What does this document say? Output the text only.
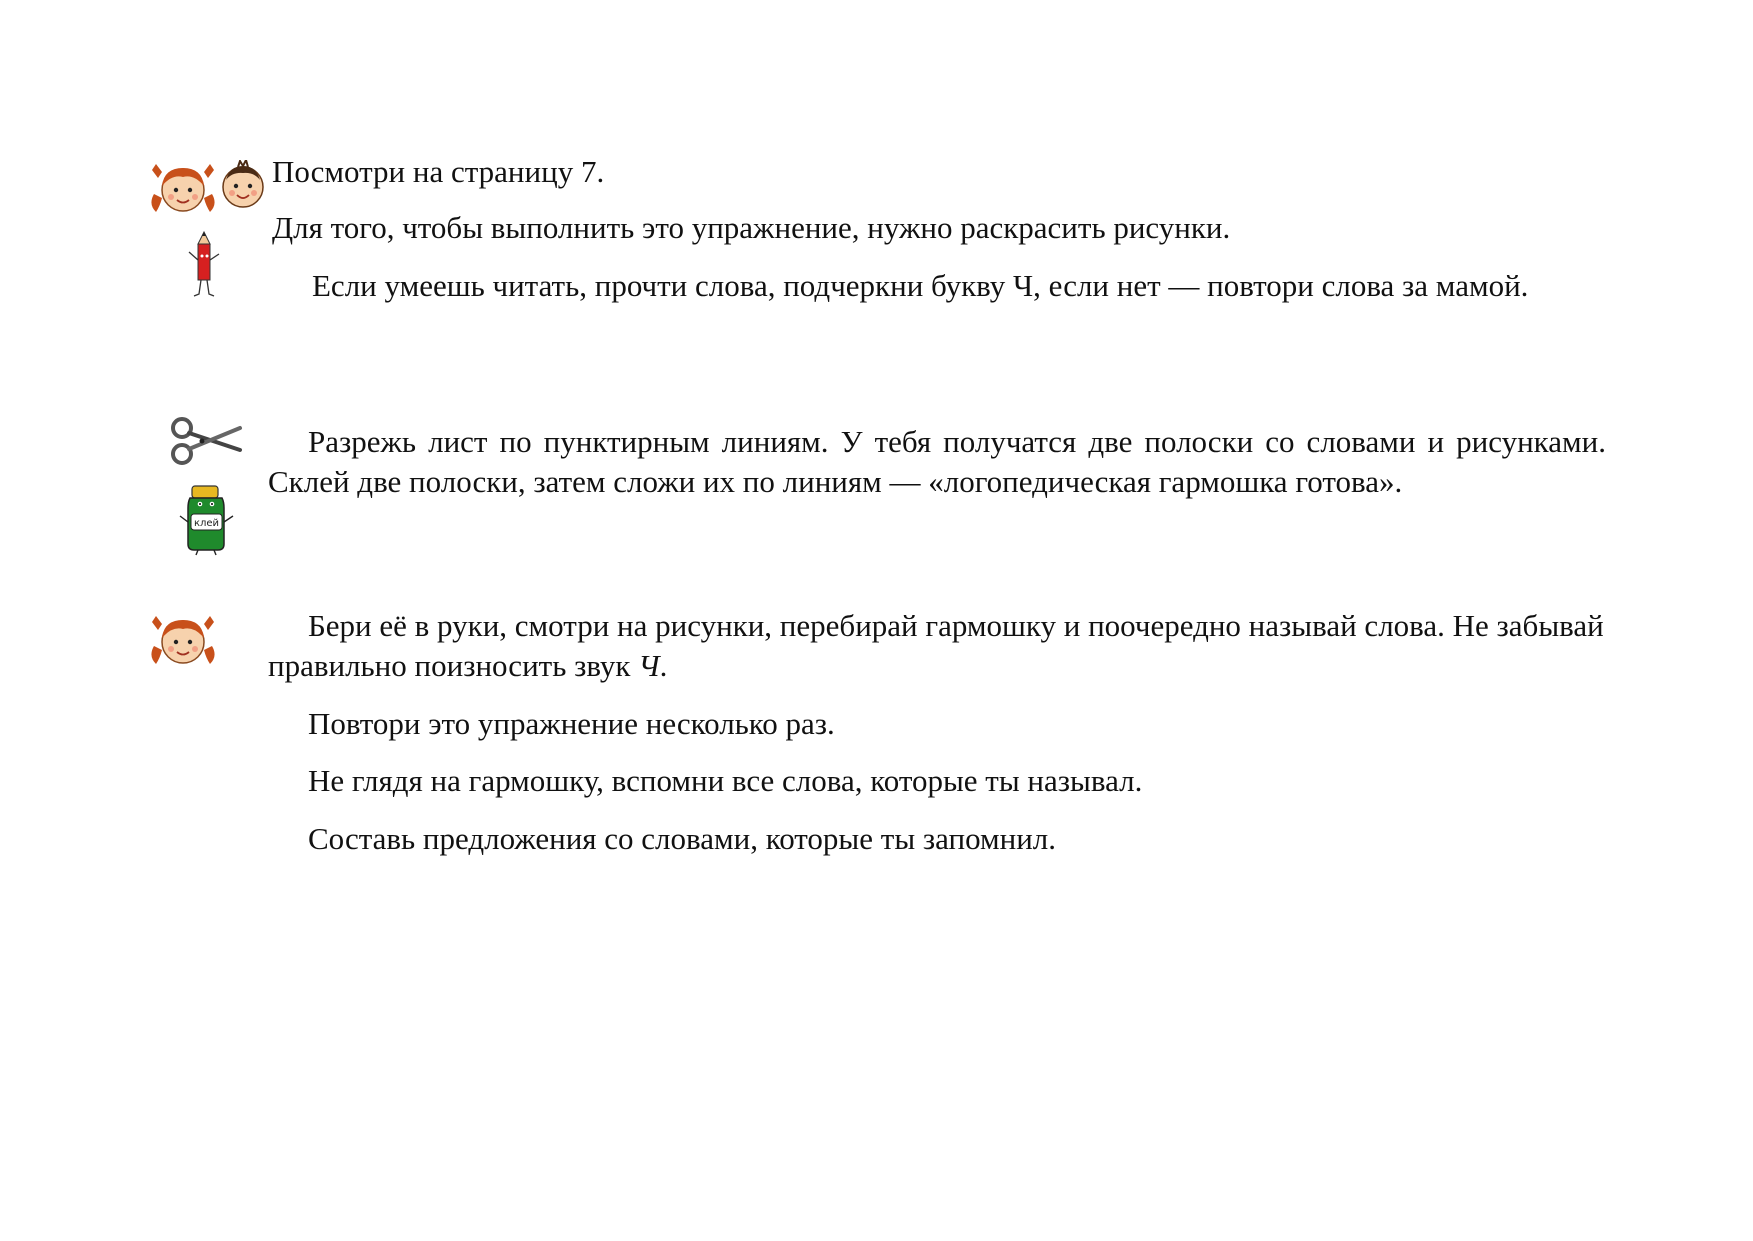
Посмотри на страницу 7.

Для того, чтобы выполнить это упражнение, нужно раскрасить рисунки.

Если умеешь читать, прочти слова, подчеркни букву Ч, если нет — повтори слова за мамой.

клей

Разрежь лист по пунктирным линиям. У тебя получатся две полоски со словами и рисунками. Склей две полоски, затем сложи их по линиям — «логопедическая гармошка готова».

Бери её в руки, смотри на рисунки, перебирай гармошку и поочередно называй слова. Не забывай правильно поизносить звук Ч.

Повтори это упражнение несколько раз.

Не глядя на гармошку, вспомни все слова, которые ты называл.

Составь предложения со словами, которые ты запомнил.
